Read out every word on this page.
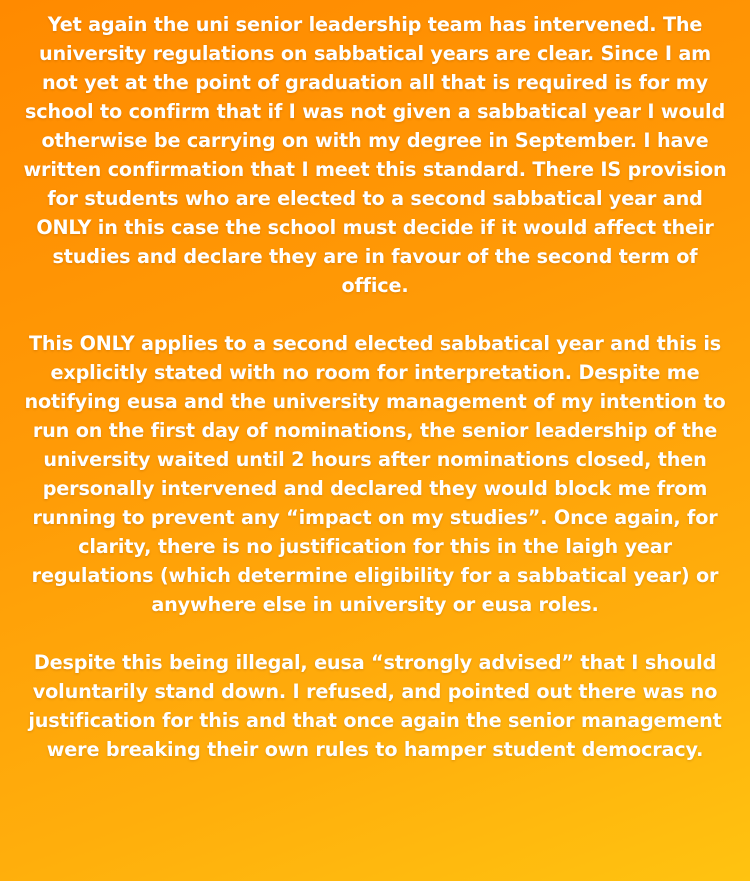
Yet again the uni senior leadership team has intervened. The university regulations on sabbatical years are clear. Since I am not yet at the point of graduation all that is required is for my school to confirm that if I was not given a sabbatical year I would otherwise be carrying on with my degree in September. I have written confirmation that I meet this standard. There IS provision for students who are elected to a second sabbatical year and ONLY in this case the school must decide if it would affect their studies and declare they are in favour of the second term of office.

This ONLY applies to a second elected sabbatical year and this is explicitly stated with no room for interpretation. Despite me notifying eusa and the university management of my intention to run on the first day of nominations, the senior leadership of the university waited until 2 hours after nominations closed, then personally intervened and declared they would block me from running to prevent any “impact on my studies”. Once again, for clarity, there is no justification for this in the laigh year regulations (which determine eligibility for a sabbatical year) or anywhere else in university or eusa roles.

Despite this being illegal, eusa “strongly advised” that I should voluntarily stand down. I refused, and pointed out there was no justification for this and that once again the senior management were breaking their own rules to hamper student democracy.
